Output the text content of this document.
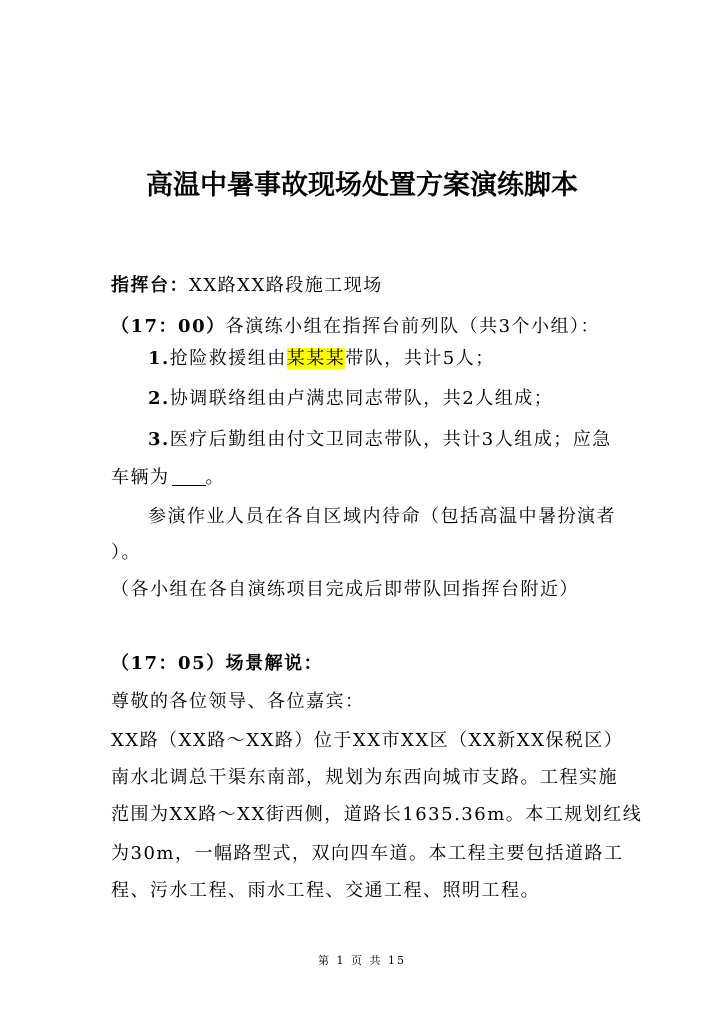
高温中暑事故现场处置方案演练脚本
指挥台：XX路XX路段施工现场
（17：00）各演练小组在指挥台前列队（共3个小组）：
1.抢险救援组由某某某带队，共计5人；
2.协调联络组由卢满忠同志带队，共2人组成；
3.医疗后勤组由付文卫同志带队，共计3人组成；应急
车辆为 。
参演作业人员在各自区域内待命（包括高温中暑扮演者
）。
（各小组在各自演练项目完成后即带队回指挥台附近）
（17：05）场景解说：
尊敬的各位领导、各位嘉宾：
XX路（XX路～XX路）位于XX市XX区（XX新XX保税区）
南水北调总干渠东南部，规划为东西向城市支路。工程实施
范围为XX路～XX街西侧，道路长1635.36m。本工规划红线
为30m，一幅路型式，双向四车道。本工程主要包括道路工
程、污水工程、雨水工程、交通工程、照明工程。
第 1 页 共 15
